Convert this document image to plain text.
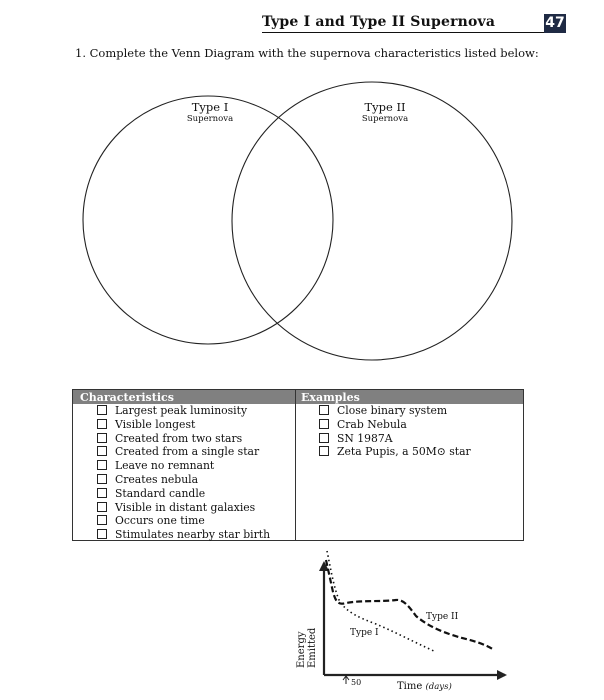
Type I and Type II Supernova	47
1. Complete the Venn Diagram with the supernova characteristics listed below:
Type I
Supernova
Type II
Supernova
Characteristics	Examples
Largest peak luminosity
Visible longest
Created from two stars
Created from a single star
Leave no remnant
Creates nebula
Standard candle
Visible in distant galaxies
Occurs one time
Stimulates nearby star birth
Close binary system
Crab Nebula
SN 1987A
Zeta Pupis, a 50M⊙ star
Energy Emitted
50	Time (days)
Type II
Type I
